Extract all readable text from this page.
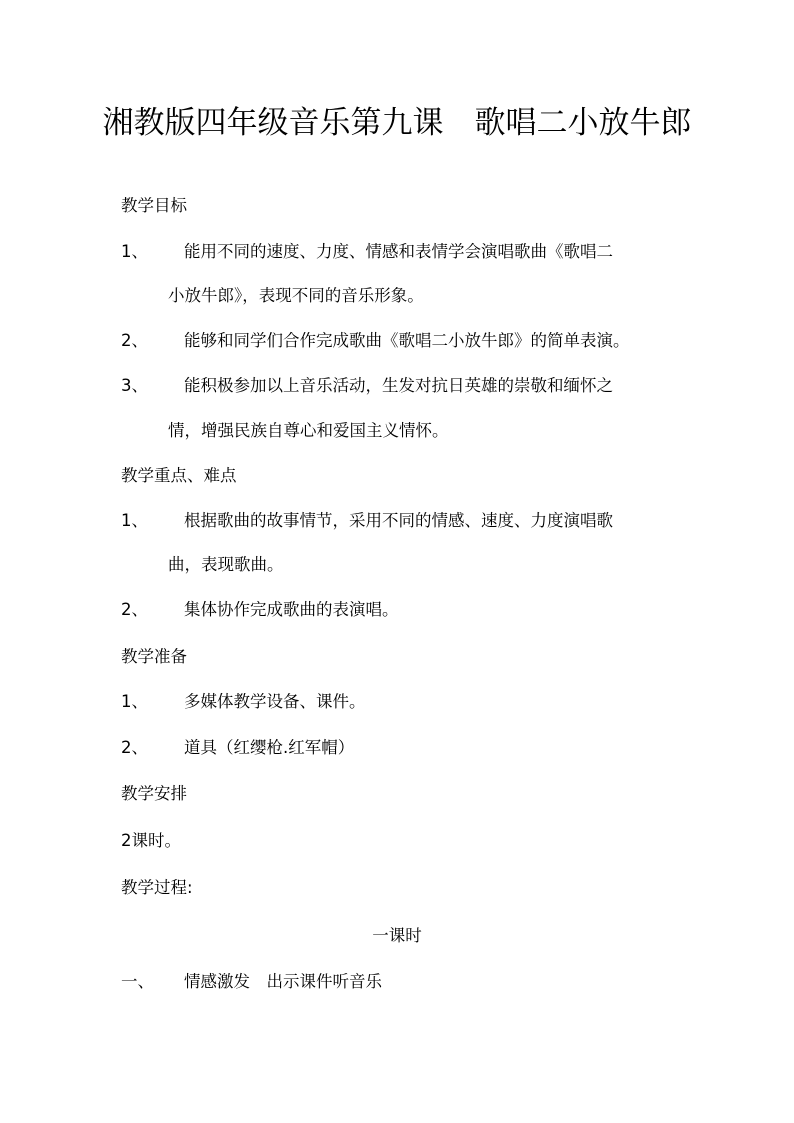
湘教版四年级音乐第九课　歌唱二小放牛郎
教学目标
1、 能用不同的速度、力度、情感和表情学会演唱歌曲《歌唱二
小放牛郎》，表现不同的音乐形象。
2、 能够和同学们合作完成歌曲《歌唱二小放牛郎》的简单表演。
3、 能积极参加以上音乐活动，生发对抗日英雄的崇敬和缅怀之
情，增强民族自尊心和爱国主义情怀。
教学重点、难点
1、 根据歌曲的故事情节，采用不同的情感、速度、力度演唱歌
曲，表现歌曲。
2、 集体协作完成歌曲的表演唱。
教学准备
1、 多媒体教学设备、课件。
2、 道具（红缨枪.红军帽）
教学安排
2课时。
教学过程:
一课时
一、 情感激发　出示课件听音乐
